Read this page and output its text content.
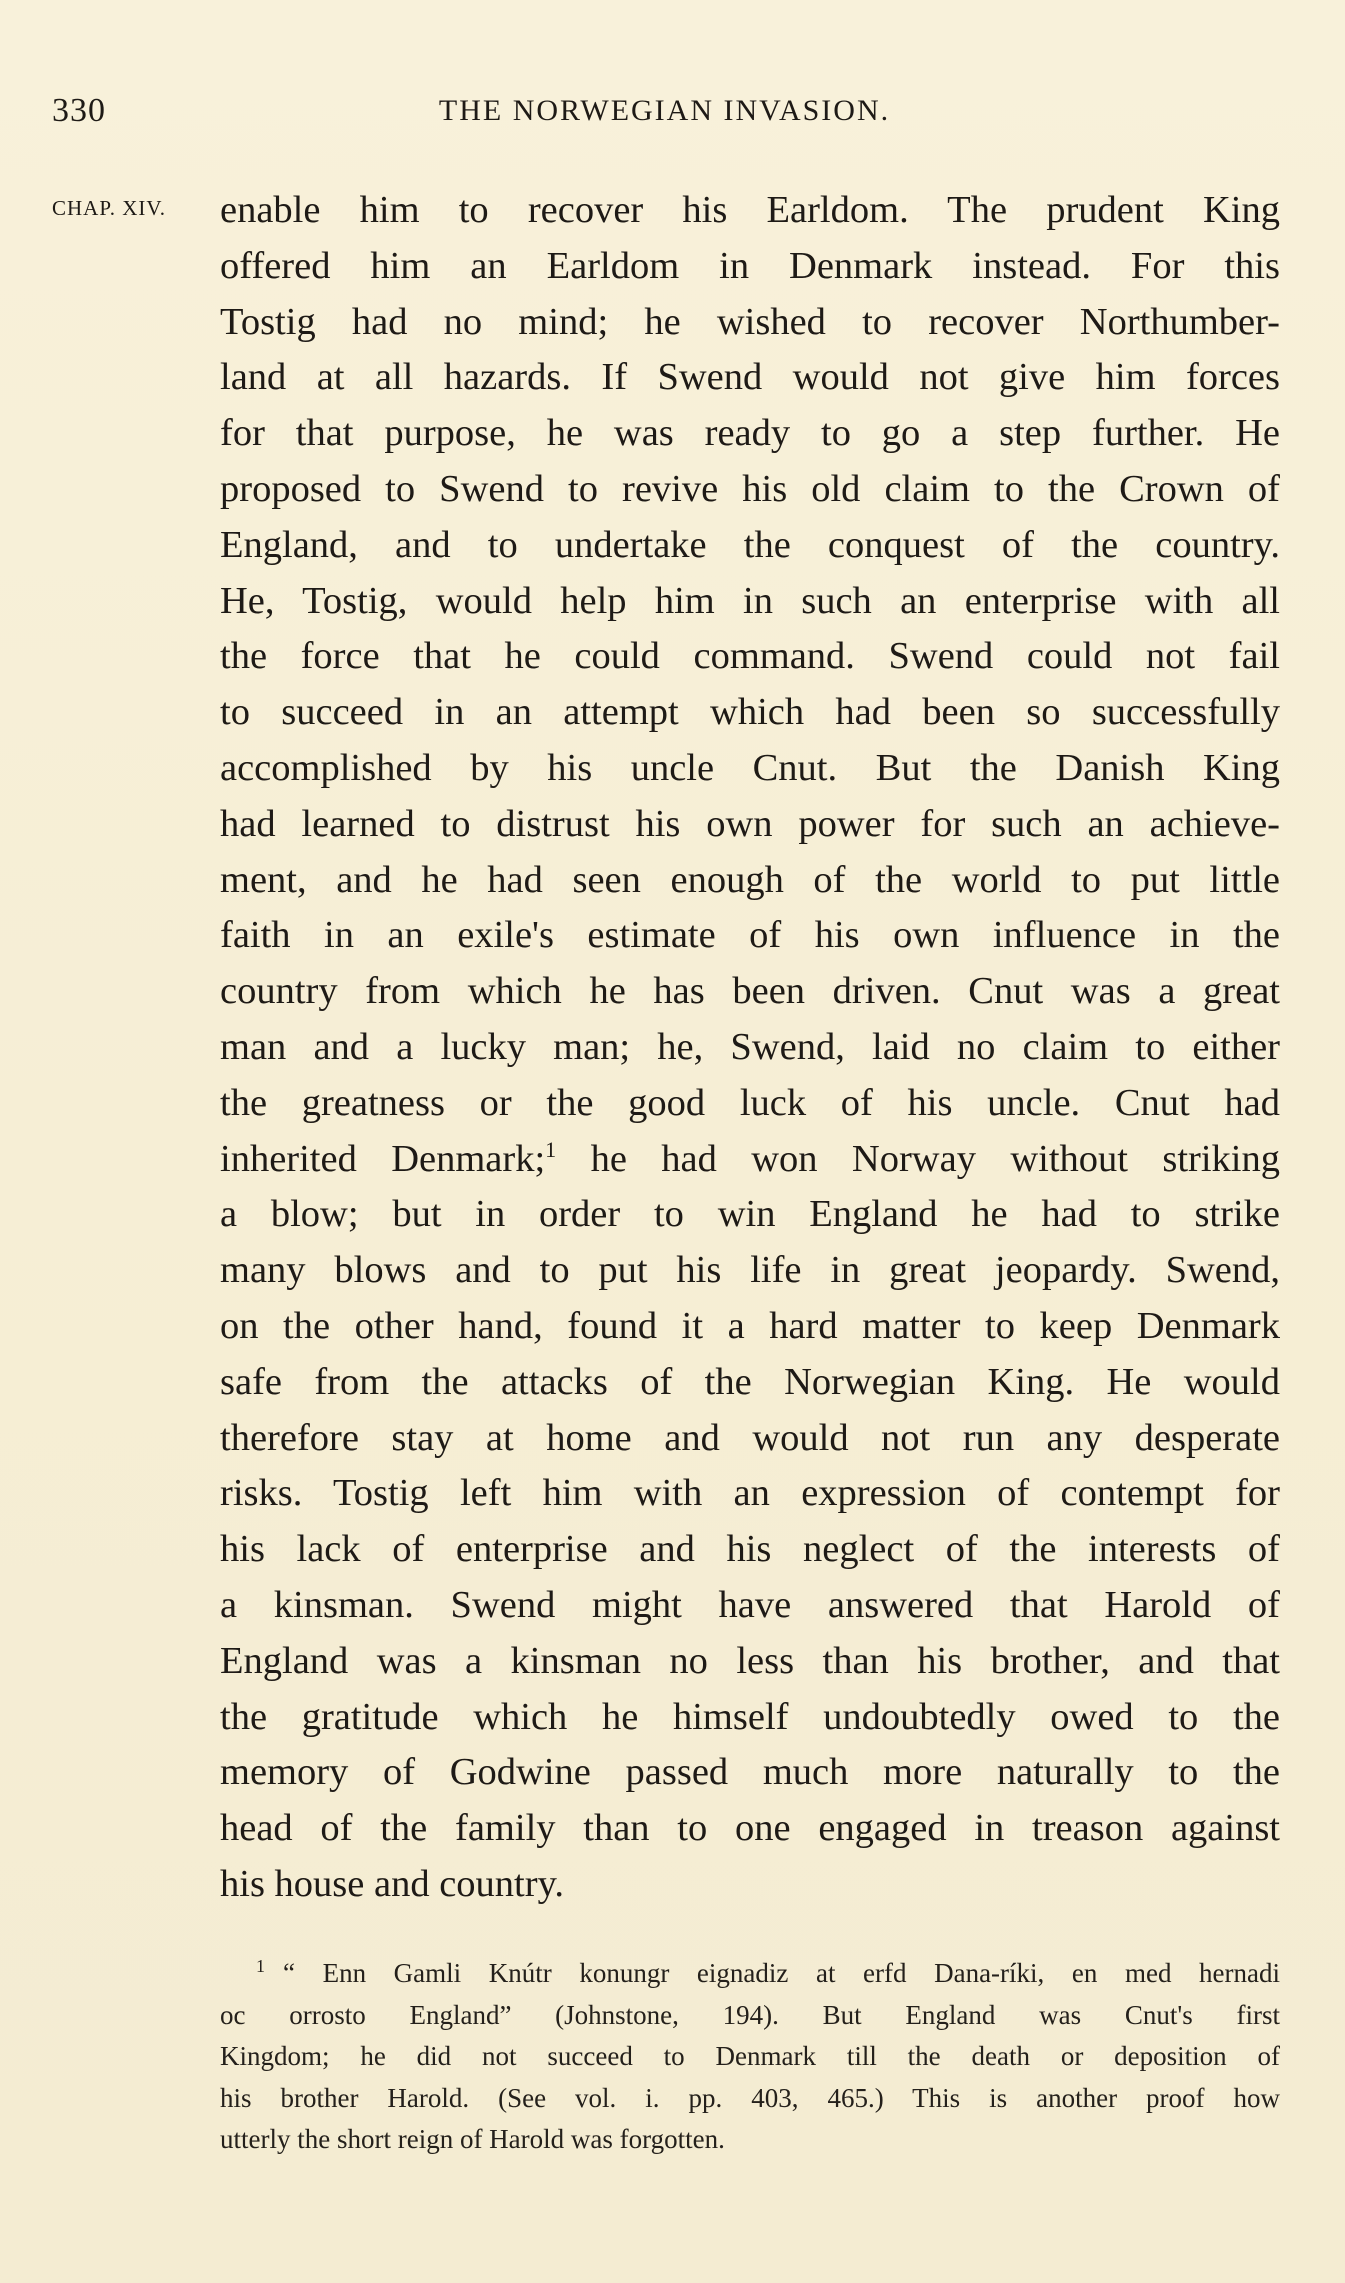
330	THE NORWEGIAN INVASION.
CHAP. XIV. enable him to recover his Earldom. The prudent King
offered him an Earldom in Denmark instead. For this
Tostig had no mind; he wished to recover Northumber-
land at all hazards. If Swend would not give him forces
for that purpose, he was ready to go a step further. He
proposed to Swend to revive his old claim to the Crown of
England, and to undertake the conquest of the country.
He, Tostig, would help him in such an enterprise with all
the force that he could command. Swend could not fail
to succeed in an attempt which had been so successfully
accomplished by his uncle Cnut. But the Danish King
had learned to distrust his own power for such an achieve-
ment, and he had seen enough of the world to put little
faith in an exile's estimate of his own influence in the
country from which he has been driven. Cnut was a great
man and a lucky man; he, Swend, laid no claim to either
the greatness or the good luck of his uncle. Cnut had
inherited Denmark;$^1$ he had won Norway without striking
a blow; but in order to win England he had to strike
many blows and to put his life in great jeopardy. Swend,
on the other hand, found it a hard matter to keep Denmark
safe from the attacks of the Norwegian King. He would
therefore stay at home and would not run any desperate
risks. Tostig left him with an expression of contempt for
his lack of enterprise and his neglect of the interests of
a kinsman. Swend might have answered that Harold of
England was a kinsman no less than his brother, and that
the gratitude which he himself undoubtedly owed to the
memory of Godwine passed much more naturally to the
head of the family than to one engaged in treason against
his house and country.
$^1$ “ Enn Gamli Knútr konungr eignadiz at erfd Dana-ríki, en med hernadi
oc orrosto England” (Johnstone, 194). But England was Cnut's first
Kingdom; he did not succeed to Denmark till the death or deposition of
his brother Harold. (See vol. i. pp. 403, 465.) This is another proof how
utterly the short reign of Harold was forgotten.
